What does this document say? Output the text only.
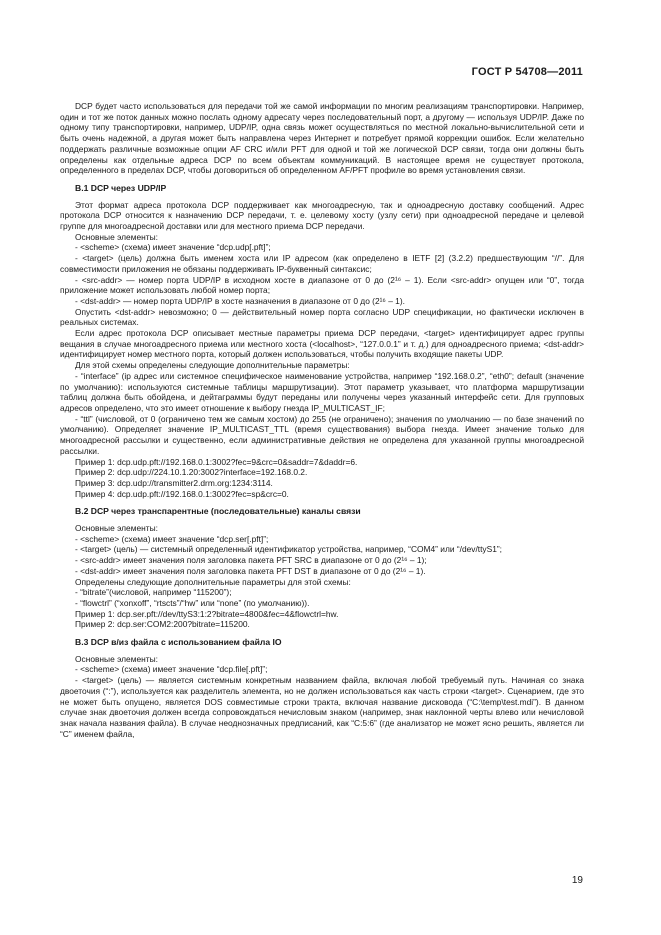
ГОСТ Р 54708—2011

DCP будет часто использоваться для передачи той же самой информации по многим реализациям транспортировки. Например, один и тот же поток данных можно послать одному адресату через последовательный порт, а другому — используя UDP/IP. Даже по одному типу транспортировки, например, UDP/IP, одна связь может осуществляться по местной локально-вычислительной сети и быть очень надежной, а другая может быть направлена через Интернет и потребует прямой коррекции ошибок. Если желательно поддержать различные возможные опции AF CRC и/или PFT для одной и той же логической DCP связи, тогда они должны быть определены как отдельные адреса DCP по всем объектам коммуникаций. В настоящее время не существует протокола, определенного в пределах DCP, чтобы договориться об определенном AF/PFT профиле во время установления связи.

В.1 DCP через UDP/IP

Этот формат адреса протокола DCP поддерживает как многоадресную, так и одноадресную доставку сообщений. Адрес протокола DCP относится к назначению DCP передачи, т. е. целевому хосту (узлу сети) при одноадресной передаче и целевой группе для многоадресной доставки или для местного приема DCP передачи.

Основные элементы:

- <scheme> (схема) имеет значение “dcp.udp[.pft]”;

- <target> (цель) должна быть именем хоста или IP адресом (как определено в IETF [2] (3.2.2) предшествующим “//”. Для совместимости приложения не обязаны поддерживать IP-буквенный синтаксис;

- <src-addr> — номер порта UDP/IP в исходном хосте в диапазоне от 0 до (2¹⁶ – 1). Если <src-addr> опущен или “0”, тогда приложение может использовать любой номер порта;

- <dst-addr> — номер порта UDP/IP в хосте назначения в диапазоне от 0 до (2¹⁶ – 1).

Опустить <dst-addr> невозможно; 0 — действительный номер порта согласно UDP спецификации, но фактически исключен в реальных системах.

Если адрес протокола DCP описывает местные параметры приема DCP передачи, <target> идентифицирует адрес группы вещания в случае многоадресного приема или местного хоста (<localhost>, “127.0.0.1” и т. д.) для одноадресного приема; <dst-addr> идентифицирует номер местного порта, который должен использоваться, чтобы получить входящие пакеты UDP.

Для этой схемы определены следующие дополнительные параметры:

- “interface” (ip адрес или системное специфическое наименование устройства, например “192.168.0.2”, “eth0”; default (значение по умолчанию): используются системные таблицы маршрутизации). Этот параметр указывает, что платформа маршрутизации таблиц должна быть обойдена, и дейтаграммы будут переданы или получены через указанный интерфейс сети. Для групповых адресов определено, что это имеет отношение к выбору гнезда IP_MULTICAST_IF;

- “ttl” (числовой, от 0 (ограничено тем же самым хостом) до 255 (не ограничено); значения по умолчанию — по базе значений по умолчанию). Определяет значение IP_MULTICAST_TTL (время существования) выбора гнезда. Имеет значение только для многоадресной рассылки и существенно, если административные действия не определена для указанной группы многоадресной рассылки.

Пример 1: dcp.udp.pft://192.168.0.1:3002?fec=9&crc=0&saddr=7&daddr=6.

Пример 2: dcp.udp://224.10.1.20:3002?interface=192.168.0.2.

Пример 3: dcp.udp://transmitter2.drm.org:1234:3114.

Пример 4: dcp.udp.pft://192.168.0.1:3002?fec=sp&crc=0.

В.2 DCP через транспарентные (последовательные) каналы связи

Основные элементы:

- <scheme> (схема) имеет значение “dcp.ser[.pft]”;

- <target> (цель) — системный определенный идентификатор устройства, например, “COM4” или “/dev/ttyS1”;

- <src-addr> имеет значения поля заголовка пакета PFT SRC в диапазоне от 0 до (2¹⁶ – 1);

- <dst-addr> имеет значения поля заголовка пакета PFT DST в диапазоне от 0 до (2¹⁶ – 1).

Определены следующие дополнительные параметры для этой схемы:

- “bitrate”(числовой, например “115200”);

- “flowctrl” (“xonxoff”, “rtscts”/“hw” или “none” (по умолчанию)).

Пример 1: dcp.ser.pft://dev/ttyS3:1:2?bitrate=4800&fec=4&flowctrl=hw.

Пример 2: dcp.ser:COM2:200?bitrate=115200.

В.3 DCP в/из файла с использованием файла IO

Основные элементы:

- <scheme> (схема) имеет значение “dcp.file[.pft]”;

- <target> (цель) — является системным конкретным названием файла, включая любой требуемый путь. Начиная со знака двоеточия (“:”), используется как разделитель элемента, но не должен использоваться как часть строки <target>. Сценарием, где это не может быть опущено, является DOS совместимые строки тракта, включая название дисковода (“C:\temp\test.mdi”). В данном случае знак двоеточия должен всегда сопровождаться нечисловым знаком (например, знак наклонной черты влево или нечисловой знак начала названия файла). В случае неоднозначных предписаний, как “C:5:6” (где анализатор не может ясно решить, является ли “C” именем файла,

19
